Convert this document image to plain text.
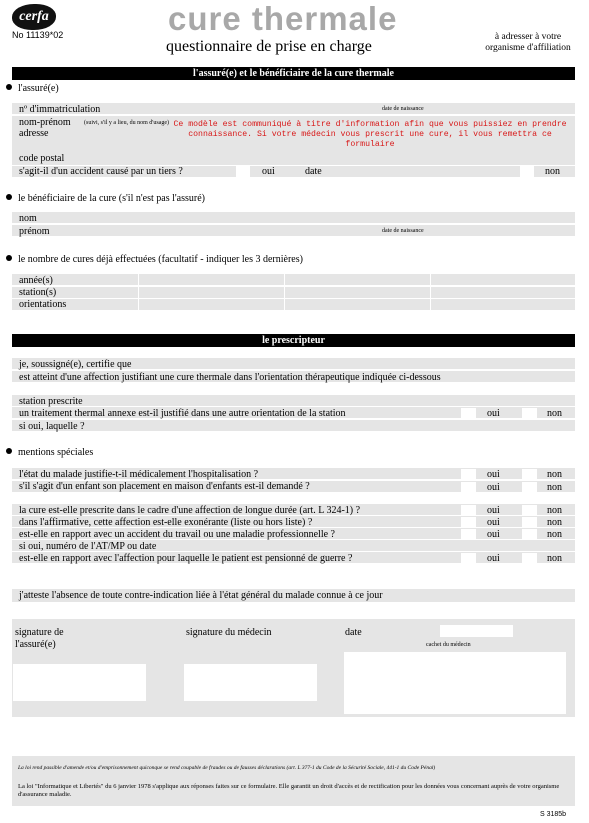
cerfa
No 11139*02	cure thermale
questionnaire de prise en charge
à adresser à votre organisme d'affiliation
l'assuré(e) et le bénéficiaire de la cure thermale
l'assuré(e)
nº d'immatriculation	date de naissance
nom-prénom (suivi, s'il y a lieu, du nom d'usage)
adresse
code postal
Ce modèle est communiqué à titre d'information afin que vous puissiez en prendre connaissance. Si votre médecin vous prescrit une cure, il vous remettra ce formulaire
s'agit-il d'un accident causé par un tiers ?	oui	date	non
le bénéficiaire de la cure (s'il n'est pas l'assuré)
nom
prénom	date de naissance
le nombre de cures déjà effectuées (facultatif - indiquer les 3 dernières)
année(s)
station(s)
orientations
le prescripteur
je, soussigné(e), certifie que
est atteint d'une affection justifiant une cure thermale dans l'orientation thérapeutique indiquée ci-dessous
station prescrite
un traitement thermal annexe est-il justifié dans une autre orientation de la station	oui	non
si oui, laquelle ?
mentions spéciales
l'état du malade justifie-t-il médicalement l'hospitalisation ?	oui	non
s'il s'agit d'un enfant son placement en maison d'enfants est-il demandé ?	oui	non
la cure est-elle prescrite dans le cadre d'une affection de longue durée (art. L 324-1) ?	oui	non
dans l'affirmative, cette affection est-elle exonérante (liste ou hors liste) ?	oui	non
est-elle en rapport avec un accident du travail ou une maladie professionnelle ?	oui	non
si oui, numéro de l'AT/MP ou date
est-elle en rapport avec l'affection pour laquelle le patient est pensionné de guerre ?	oui	non
j'atteste l'absence de toute contre-indication liée à l'état général du malade connue à ce jour
signature de l'assuré(e)
signature du médecin	date
cachet du médecin
La loi rend passible d'amende et/ou d'emprisonnement quiconque se rend coupable de fraudes ou de fausses déclarations (art. L 377-1 du Code de la Sécurité Sociale, 441-1 du Code Pénal)
La loi "Informatique et Libertés" du 6 janvier 1978 s'applique aux réponses faites sur ce formulaire. Elle garantit un droit d'accès et de rectification pour les données vous concernant auprès de votre organisme d'assurance maladie.
S 3185b
